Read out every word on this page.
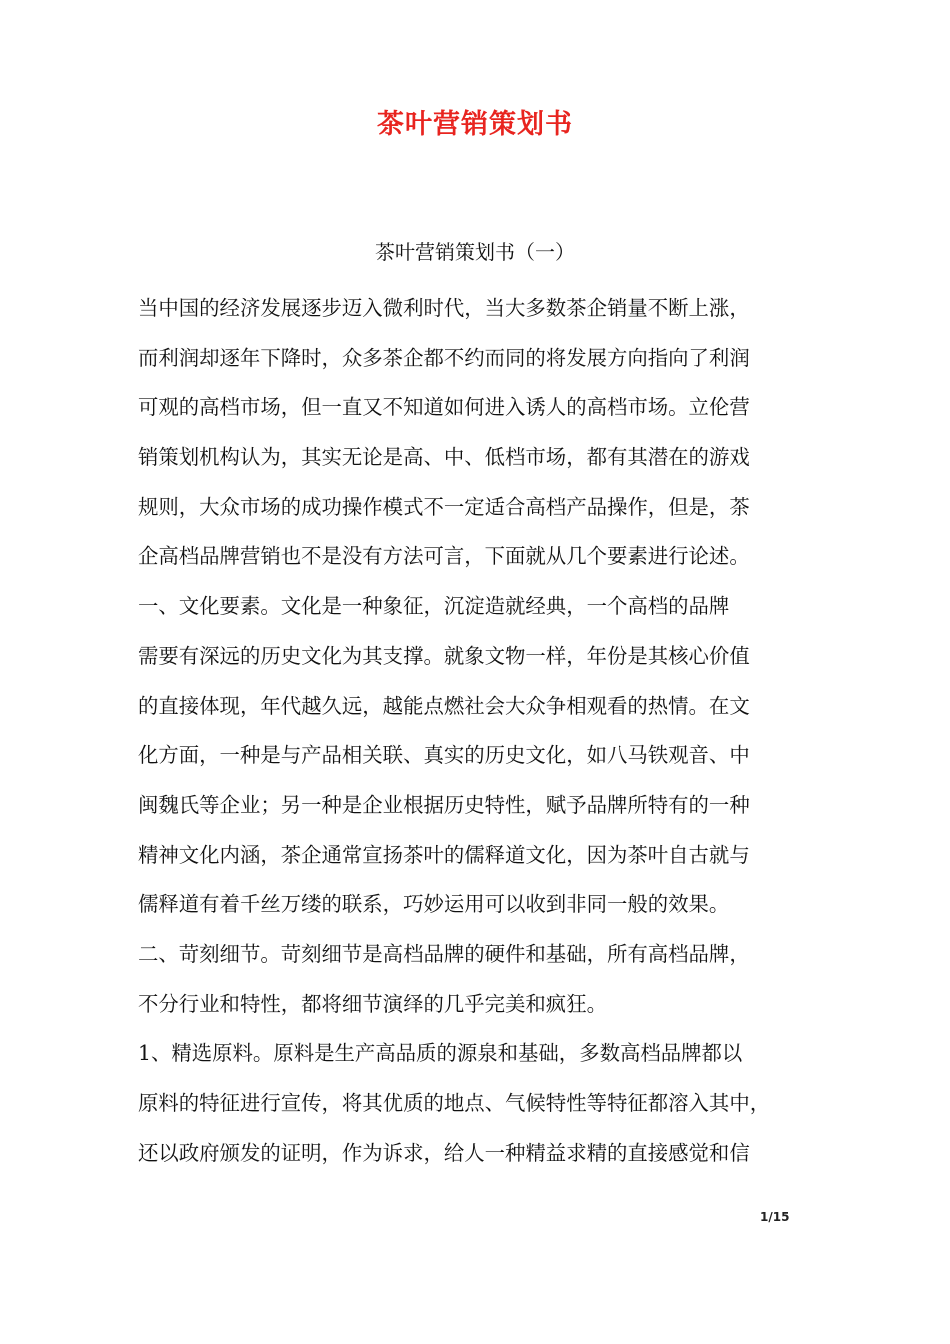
茶叶营销策划书
茶叶营销策划书（一）
当中国的经济发展逐步迈入微利时代，当大多数茶企销量不断上涨，
而利润却逐年下降时，众多茶企都不约而同的将发展方向指向了利润
可观的高档市场，但一直又不知道如何进入诱人的高档市场。立伦营
销策划机构认为，其实无论是高、中、低档市场，都有其潜在的游戏
规则，大众市场的成功操作模式不一定适合高档产品操作，但是，茶
企高档品牌营销也不是没有方法可言，下面就从几个要素进行论述。
一、文化要素。文化是一种象征，沉淀造就经典，一个高档的品牌
需要有深远的历史文化为其支撑。就象文物一样，年份是其核心价值
的直接体现，年代越久远，越能点燃社会大众争相观看的热情。在文
化方面，一种是与产品相关联、真实的历史文化，如八马铁观音、中
闽魏氏等企业；另一种是企业根据历史特性，赋予品牌所特有的一种
精神文化内涵，茶企通常宣扬茶叶的儒释道文化，因为茶叶自古就与
儒释道有着千丝万缕的联系，巧妙运用可以收到非同一般的效果。
二、苛刻细节。苛刻细节是高档品牌的硬件和基础，所有高档品牌，
不分行业和特性，都将细节演绎的几乎完美和疯狂。
1、精选原料。原料是生产高品质的源泉和基础，多数高档品牌都以
原料的特征进行宣传，将其优质的地点、气候特性等特征都溶入其中，
还以政府颁发的证明，作为诉求，给人一种精益求精的直接感觉和信
1/15
